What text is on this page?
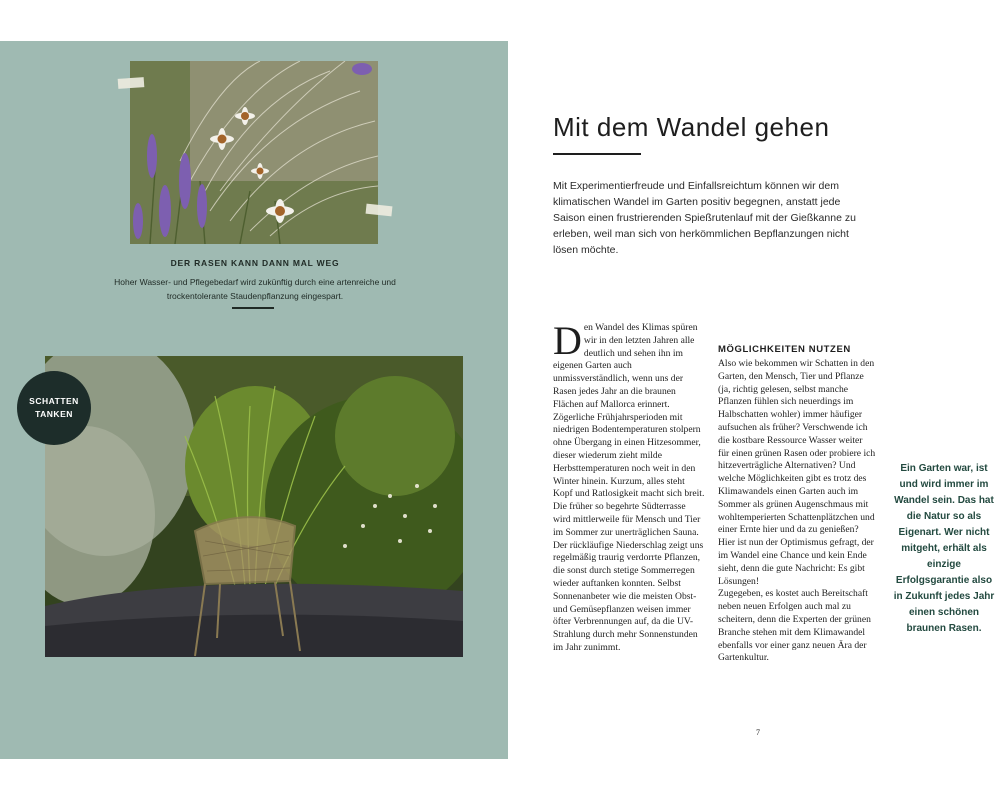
DER RASEN KANN DANN MAL WEG
Hoher Wasser- und Pflegebedarf wird zukünftig durch eine artenreiche und trockentolerante Staudenpflanzung eingespart.
SCHATTEN
TANKEN
Mit dem Wandel gehen

Mit Experimentierfreude und Einfallsreichtum können wir dem klimatischen Wandel im Garten positiv begegnen, anstatt jede Saison einen frustrierenden Spießrutenlauf mit der Gießkanne zu erleben, weil man sich von herkömmlichen Bepflanzungen nicht lösen möchte.

D en Wandel des Klimas spüren wir in den letzten Jahren alle deutlich und sehen ihn im eigenen Garten auch unmissverständlich, wenn uns der Rasen jedes Jahr an die braunen Flächen auf Mallorca erinnert. Zögerliche Frühjahrsperioden mit niedrigen Bodentemperaturen stolpern ohne Übergang in einen Hitzesommer, dieser wiederum zieht milde Herbsttemperaturen noch weit in den Winter hinein. Kurzum, alles steht Kopf und Ratlosigkeit macht sich breit.

Die früher so begehrte Südterrasse wird mittlerweile für Mensch und Tier im Sommer zur unerträglichen Sauna. Der rückläufige Niederschlag zeigt uns regelmäßig traurig verdorrte Pflanzen, die sonst durch stetige Sommerregen wieder auftanken konnten. Selbst Sonnenanbeter wie die meisten Obst- und Gemüsepflanzen weisen immer öfter Verbrennungen auf, da die UV-Strahlung durch mehr Sonnenstunden im Jahr zunimmt.

MÖGLICHKEITEN NUTZEN

Also wie bekommen wir Schatten in den Garten, den Mensch, Tier und Pflanze (ja, richtig gelesen, selbst manche Pflanzen fühlen sich neuerdings im Halbschatten wohler) immer häufiger aufsuchen als früher? Verschwende ich die kostbare Ressource Wasser weiter für einen grünen Rasen oder probiere ich hitzeverträgliche Alternativen? Und welche Möglichkeiten gibt es trotz des Klimawandels einen Garten auch im Sommer als grünen Augenschmaus mit wohltemperierten Schattenplätzchen und einer Ernte hier und da zu genießen? Hier ist nun der Optimismus gefragt, der im Wandel eine Chance und kein Ende sieht, denn die gute Nachricht: Es gibt Lösungen!

Zugegeben, es kostet auch Bereitschaft neben neuen Erfolgen auch mal zu scheitern, denn die Experten der grünen Branche stehen mit dem Klimawandel ebenfalls vor einer ganz neuen Ära der Gartenkultur.

Ein Garten war, ist und wird immer im Wandel sein. Das hat die Natur so als Eigenart. Wer nicht mitgeht, erhält als einzige Erfolgsgarantie also in Zukunft jedes Jahr einen schönen braunen Rasen.

7
